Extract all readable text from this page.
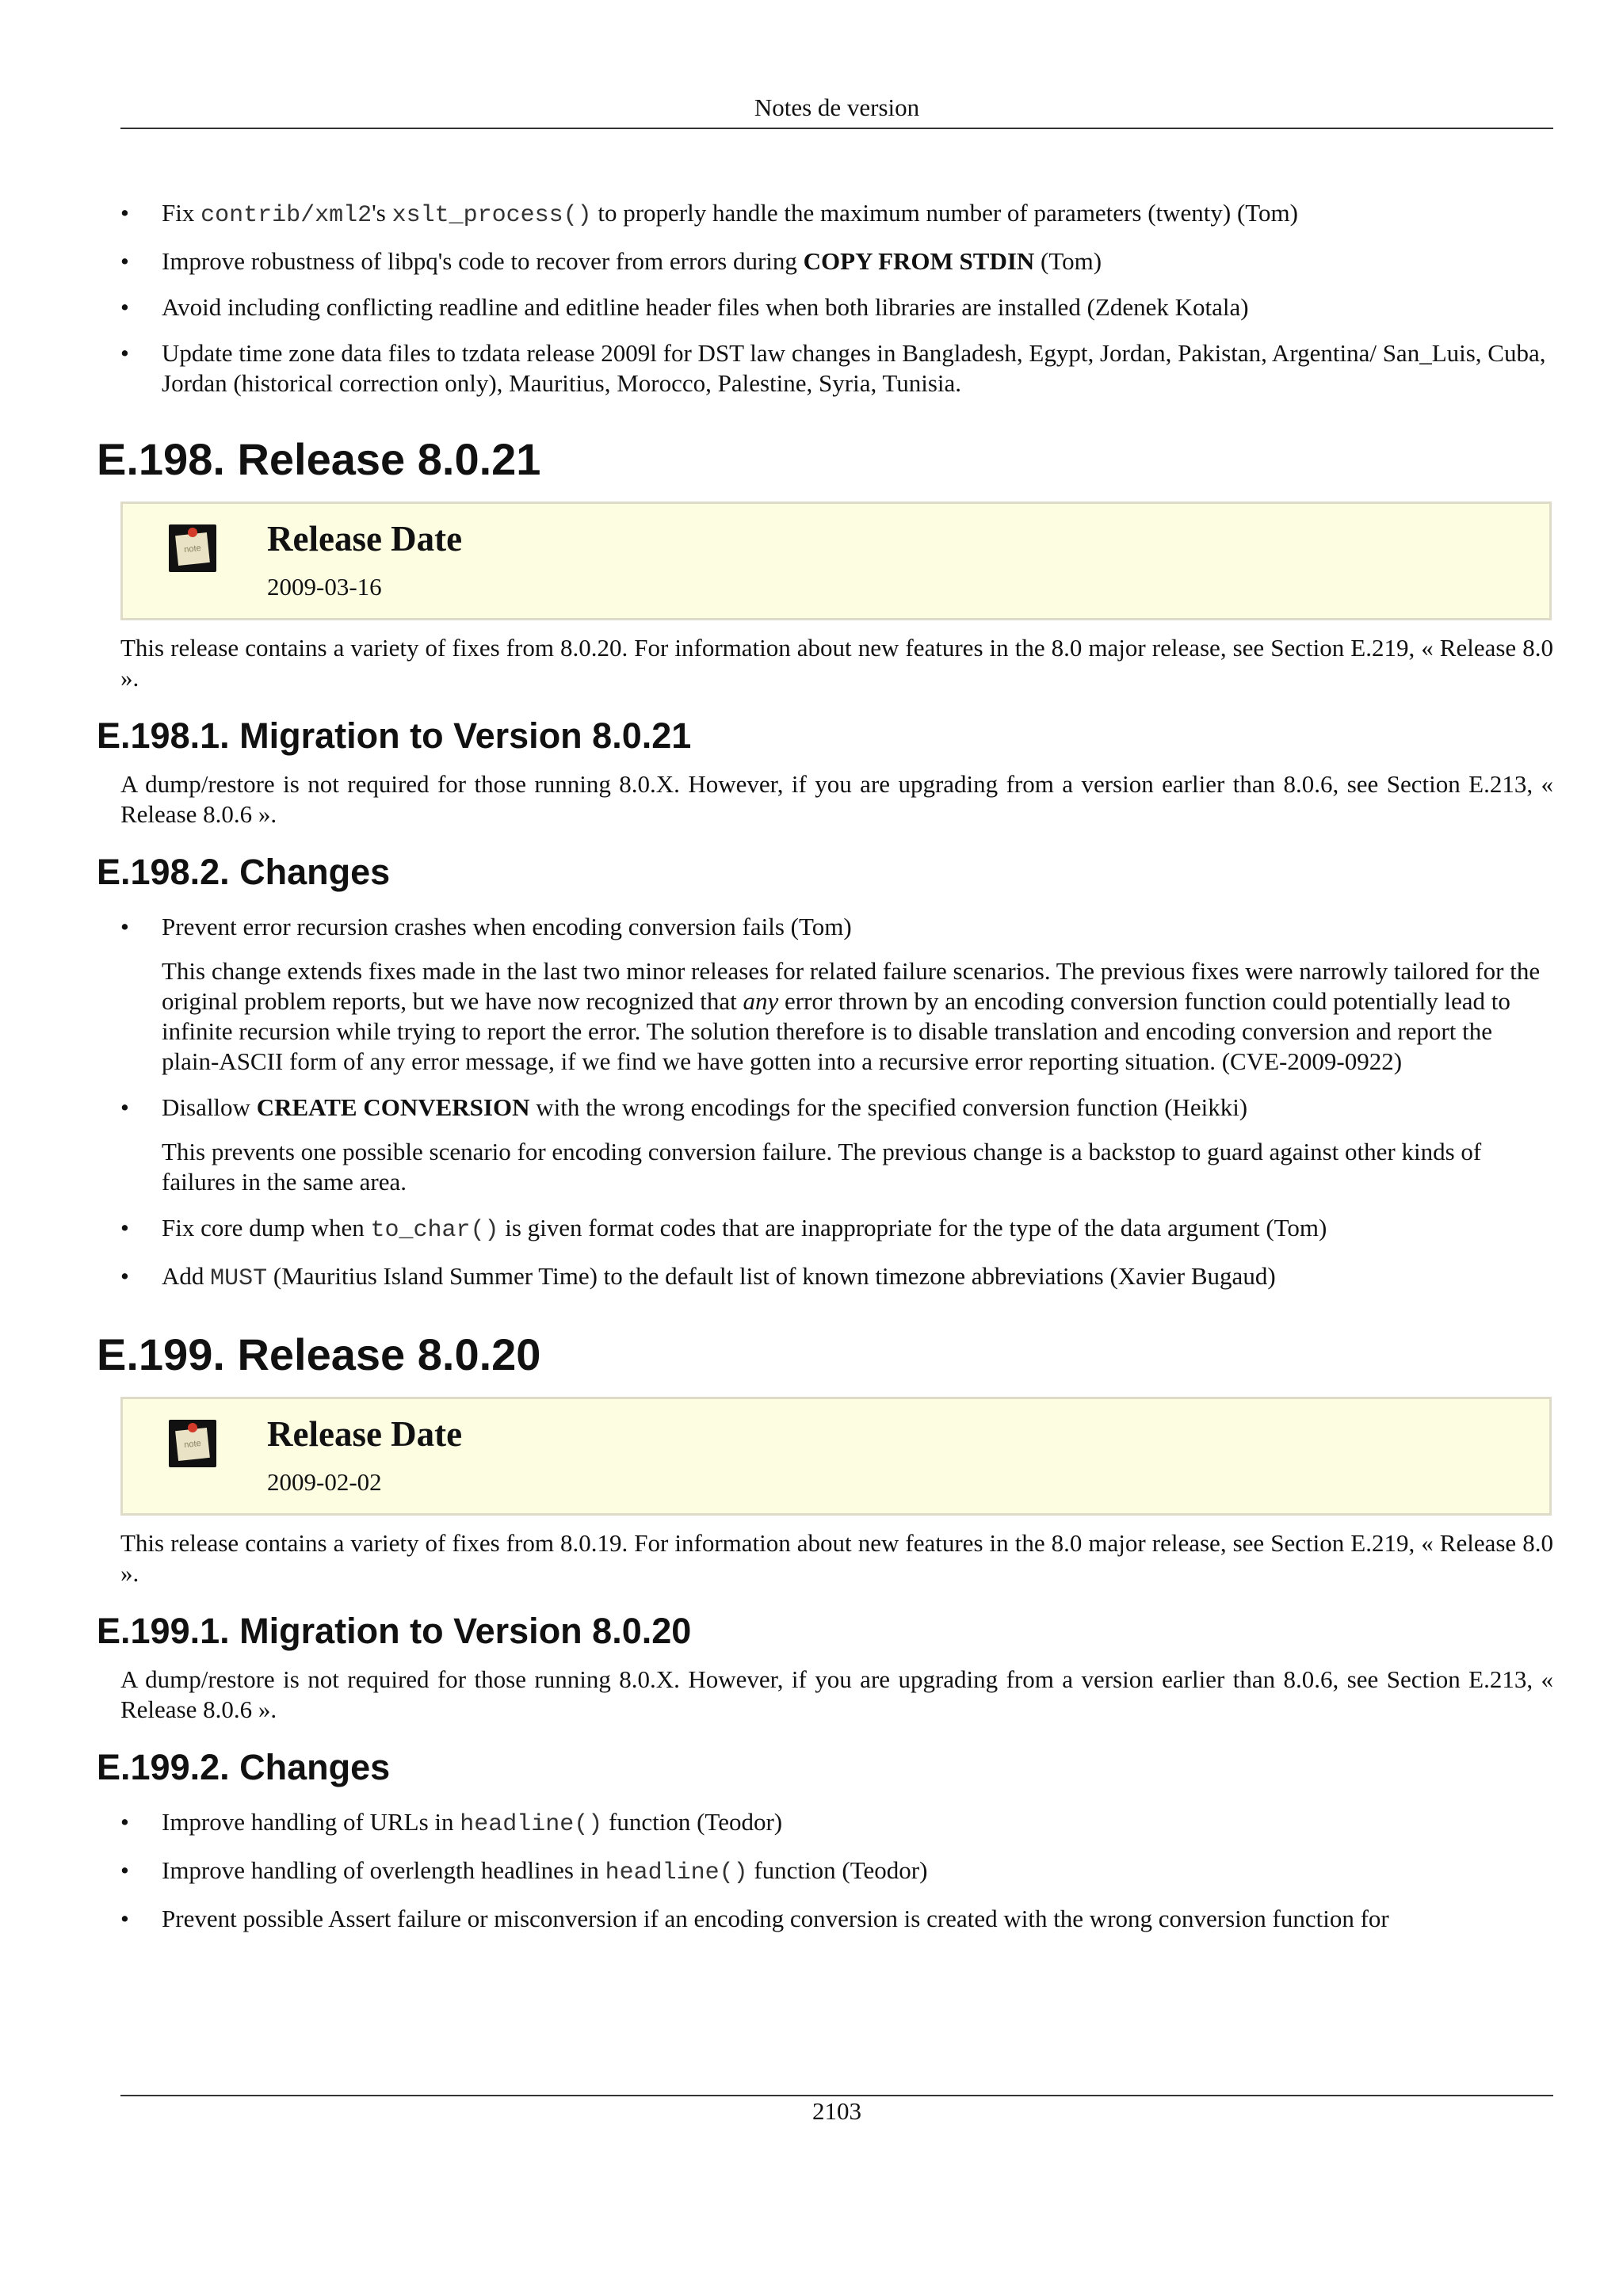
Notes de version
• Fix contrib/xml2's xslt_process() to properly handle the maximum number of parameters (twenty) (Tom)
• Improve robustness of libpq's code to recover from errors during COPY FROM STDIN (Tom)
• Avoid including conflicting readline and editline header files when both libraries are installed (Zdenek Kotala)
• Update time zone data files to tzdata release 2009l for DST law changes in Bangladesh, Egypt, Jordan, Pakistan, Argentina/ San_Luis, Cuba, Jordan (historical correction only), Mauritius, Morocco, Palestine, Syria, Tunisia.
E.198. Release 8.0.21
note Release Date
2009-03-16

This release contains a variety of fixes from 8.0.20. For information about new features in the 8.0 major release, see Section E.219, « Release 8.0 ».

E.198.1. Migration to Version 8.0.21

A dump/restore is not required for those running 8.0.X. However, if you are upgrading from a version earlier than 8.0.6, see Section E.213, « Release 8.0.6 ».

E.198.2. Changes
• Prevent error recursion crashes when encoding conversion fails (Tom)

This change extends fixes made in the last two minor releases for related failure scenarios. The previous fixes were narrowly tailored for the original problem reports, but we have now recognized that any error thrown by an encoding conversion function could potentially lead to infinite recursion while trying to report the error. The solution therefore is to disable translation and encoding conversion and report the plain-ASCII form of any error message, if we find we have gotten into a recursive error reporting situation. (CVE-2009-0922)

• Disallow CREATE CONVERSION with the wrong encodings for the specified conversion function (Heikki)

This prevents one possible scenario for encoding conversion failure. The previous change is a backstop to guard against other kinds of failures in the same area.

• Fix core dump when to_char() is given format codes that are inappropriate for the type of the data argument (Tom)
• Add MUST (Mauritius Island Summer Time) to the default list of known timezone abbreviations (Xavier Bugaud)
E.199. Release 8.0.20
note Release Date
2009-02-02

This release contains a variety of fixes from 8.0.19. For information about new features in the 8.0 major release, see Section E.219, « Release 8.0 ».

E.199.1. Migration to Version 8.0.20

A dump/restore is not required for those running 8.0.X. However, if you are upgrading from a version earlier than 8.0.6, see Section E.213, « Release 8.0.6 ».

E.199.2. Changes
• Improve handling of URLs in headline() function (Teodor)
• Improve handling of overlength headlines in headline() function (Teodor)
• Prevent possible Assert failure or misconversion if an encoding conversion is created with the wrong conversion function for
2103
